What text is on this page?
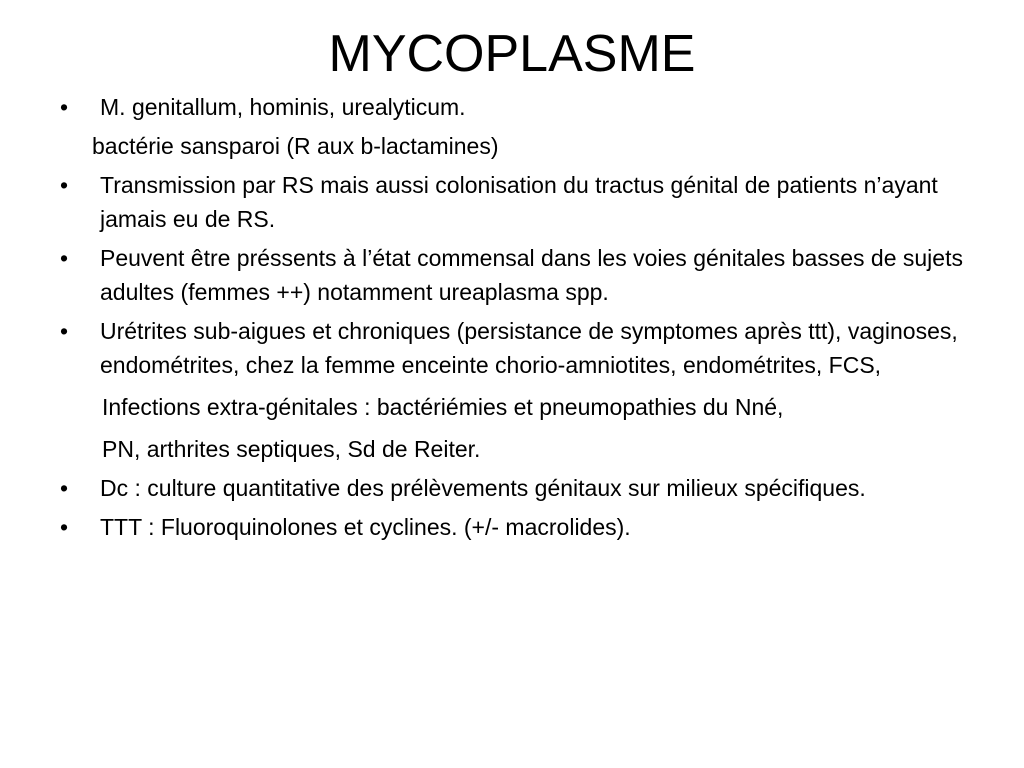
MYCOPLASME
•	M. genitallum, hominis, urealyticum.
bactérie sansparoi (R aux b-lactamines)
•	Transmission par RS mais aussi colonisation du tractus génital de patients n’ayant jamais eu de RS.
•	Peuvent être préssents à l’état commensal dans les voies génitales basses de sujets adultes (femmes ++) notamment ureaplasma spp.
•	Urétrites sub-aigues et chroniques (persistance de symptomes après ttt), vaginoses, endométrites, chez la femme enceinte chorio-amniotites, endométrites, FCS,
Infections extra-génitales : bactériémies et pneumopathies du Nné,
PN, arthrites septiques, Sd de Reiter.
•	Dc : culture quantitative des prélèvements génitaux sur milieux spécifiques.
•	TTT : Fluoroquinolones et cyclines. (+/- macrolides).
